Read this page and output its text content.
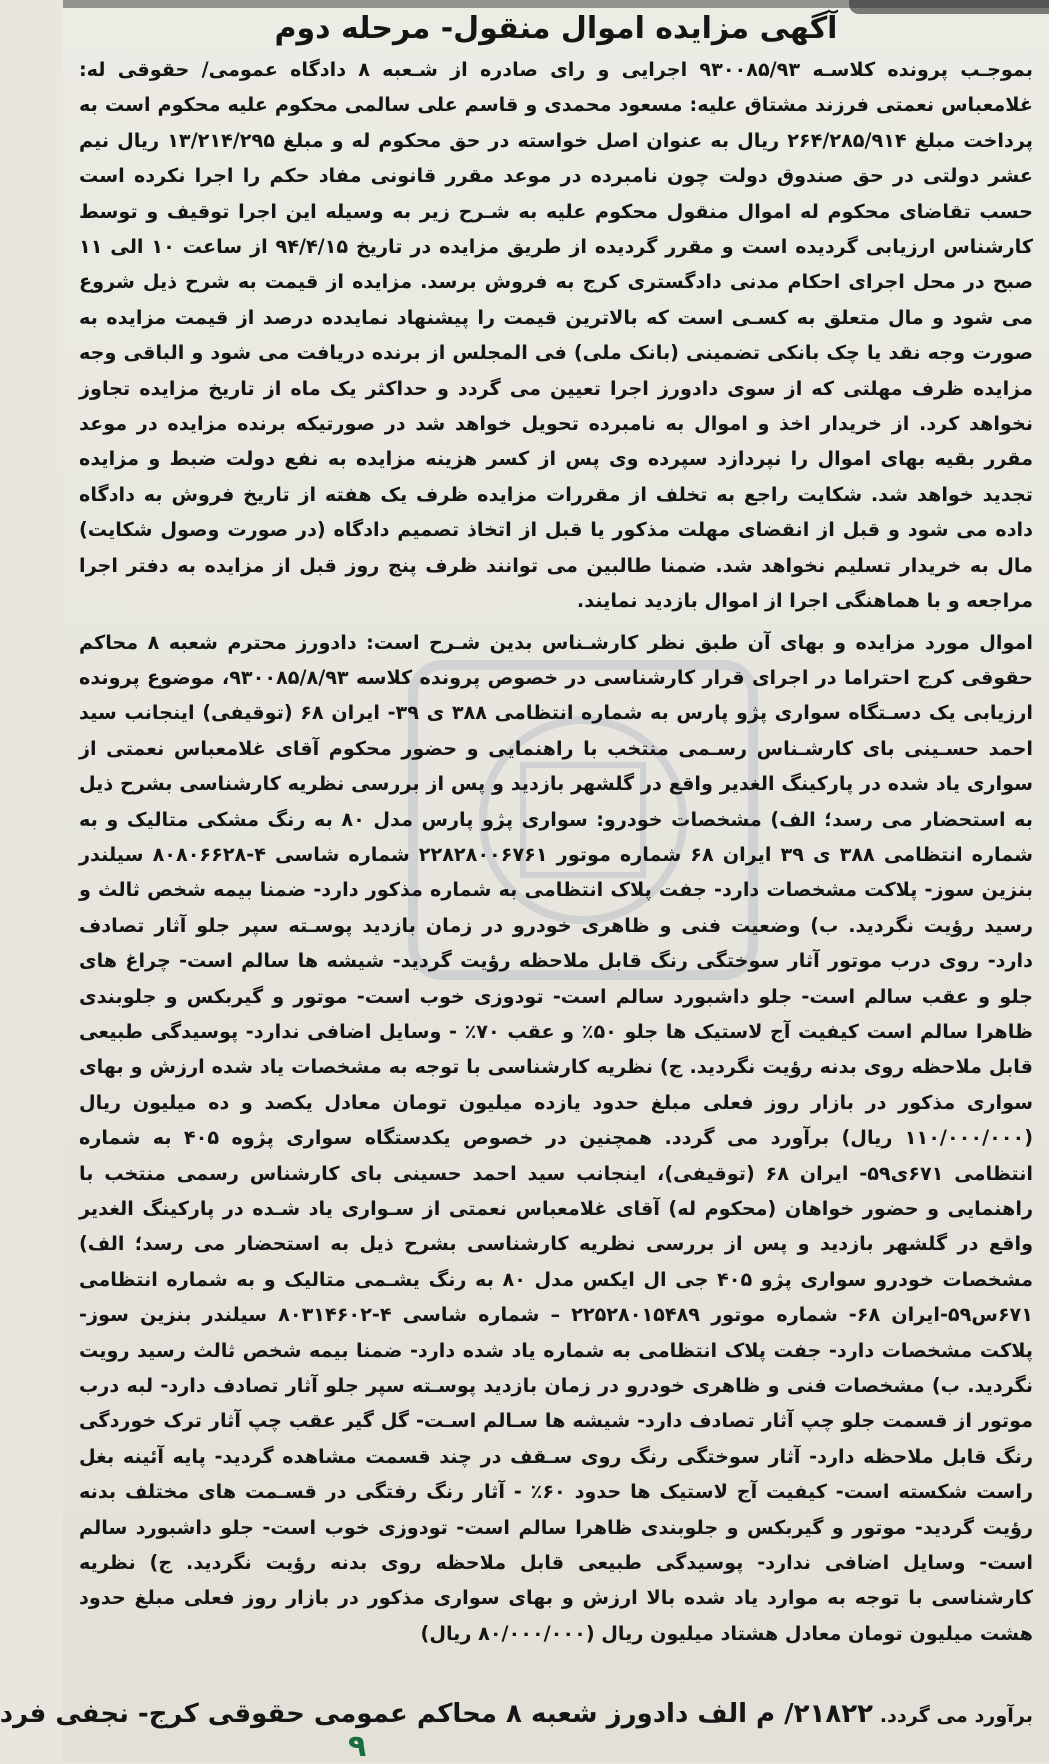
آگهی مزایده اموال منقول- مرحله دوم

بموجـب پرونده کلاسـه ۹۳۰۰۸۵/۹۳ اجرایی و رای صادره از شـعبه ۸ دادگاه عمومی/ حقوقی له: غلامعباس نعمتی فرزند مشتاق علیه: مسعود محمدی و قاسم علی سالمی محکوم علیه محکوم است به پرداخت مبلغ ۲۶۴/۲۸۵/۹۱۴ ریال به عنوان اصل خواسته در حق محکوم له و مبلغ ۱۳/۲۱۴/۲۹۵ ریال نیم عشر دولتی در حق صندوق دولت چون نامبرده در موعد مقرر قانونی مفاد حکم را اجرا نکرده است حسب تقاضای محکوم له اموال منقول محکوم علیه به شـرح زیر به وسیله این اجرا توقیف و توسط کارشناس ارزیابی گردیده است و مقرر گردیده از طریق مزایده در تاریخ ۹۴/۴/۱۵ از ساعت ۱۰ الی ۱۱ صبح در محل اجرای احکام مدنی دادگستری کرج به فروش برسد. مزایده از قیمت به شرح ذیل شروع می شود و مال متعلق به کسـی است که بالاترین قیمت را پیشنهاد نمایدده درصد از قیمت مزایده به صورت وجه نقد یا چک بانکی تضمینی (بانک ملی) فی المجلس از برنده دریافت می شود و الباقی وجه مزایده ظرف مهلتی که از سوی دادورز اجرا تعیین می گردد و حداکثر یک ماه از تاریخ مزایده تجاوز نخواهد کرد. از خریدار اخذ و اموال به نامبرده تحویل خواهد شد در صورتیکه برنده مزایده در موعد مقرر بقیه بهای اموال را نپردازد سپرده وی پس از کسر هزینه مزایده به نفع دولت ضبط و مزایده تجدید خواهد شد. شکایت راجع به تخلف از مقررات مزایده ظرف یک هفته از تاریخ فروش به دادگاه داده می شود و قبل از انقضای مهلت مذکور یا قبل از اتخاذ تصمیم دادگاه (در صورت وصول شکایت) مال به خریدار تسلیم نخواهد شد. ضمنا طالبین می توانند ظرف پنج روز قبل از مزایده به دفتر اجرا مراجعه و با هماهنگی اجرا از اموال بازدید نمایند.

اموال مورد مزایده و بهای آن طبق نظر کارشـناس بدین شـرح است: دادورز محترم شعبه ۸ محاکم حقوقی کرج احتراما در اجرای قرار کارشناسی در خصوص پرونده کلاسه ۹۳۰۰۸۵/۸/۹۳، موضوع پرونده ارزیابی یک دسـتگاه سواری پژو پارس به شماره انتظامی ۳۸۸ ی ۳۹- ایران ۶۸ (توقیفی) اینجانب سید احمد حسـینی بای کارشـناس رسـمی منتخب با راهنمایی و حضور محکوم آقای غلامعباس نعمتی از سواری یاد شده در پارکینگ الغدیر واقع در گلشهر بازدید و پس از بررسی نظریه کارشناسی بشرح ذیل به استحضار می رسد؛ الف) مشخصات خودرو: سواری پژو پارس مدل ۸۰ به رنگ مشکی متالیک و به شماره انتظامی ۳۸۸ ی ۳۹ ایران ۶۸ شماره موتور ۲۲۸۲۸۰۰۶۷۶۱ شماره شاسی ۴-۸۰۸۰۶۶۲۸ سیلندر بنزین سوز- پلاکت مشخصات دارد- جفت پلاک انتظامی به شماره مذکور دارد- ضمنا بیمه شخص ثالث و رسید رؤیت نگردید. ب) وضعیت فنی و ظاهری خودرو در زمان بازدید پوسـته سپر جلو آثار تصادف دارد- روی درب موتور آثار سوختگی رنگ قابل ملاحظه رؤیت گردید- شیشه ها سالم است- چراغ های جلو و عقب سالم است- جلو داشبورد سالم است- تودوزی خوب است- موتور و گیربکس و جلوبندی ظاهرا سالم است کیفیت آج لاستیک ها جلو ۵۰٪ و عقب ۷۰٪ - وسایل اضافی ندارد- پوسیدگی طبیعی قابل ملاحظه روی بدنه رؤیت نگردید. ج) نظریه کارشناسی با توجه به مشخصات یاد شده ارزش و بهای سواری مذکور در بازار روز فعلی مبلغ حدود یازده میلیون تومان معادل یکصد و ده میلیون ریال (۱۱۰/۰۰۰/۰۰۰ ریال) برآورد می گردد. همچنین در خصوص یکدستگاه سواری پژوه ۴۰۵ به شماره انتظامی ۶۷۱ی۵۹- ایران ۶۸ (توقیفی)، اینجانب سید احمد حسینی بای کارشناس رسمی منتخب با راهنمایی و حضور خواهان (محکوم له) آقای غلامعباس نعمتی از سـواری یاد شـده در پارکینگ الغدیر واقع در گلشهر بازدید و پس از بررسی نظریه کارشناسی بشرح ذیل به استحضار می رسد؛ الف) مشخصات خودرو سواری پژو ۴۰۵ جی ال ایکس مدل ۸۰ به رنگ یشـمی متالیک و به شماره انتظامی ۶۷۱س۵۹-ایران ۶۸- شماره موتور ۲۲۵۲۸۰۱۵۴۸۹ – شماره شاسی ۴-۸۰۳۱۴۶۰۲ سیلندر بنزین سوز- پلاکت مشخصات دارد- جفت پلاک انتظامی به شماره یاد شده دارد- ضمنا بیمه شخص ثالث رسید رویت نگردید. ب) مشخصات فنی و ظاهری خودرو در زمان بازدید پوسـته سپر جلو آثار تصادف دارد- لبه درب موتور از قسمت جلو چپ آثار تصادف دارد- شیشه ها سـالم اسـت- گل گیر عقب چپ آثار ترک خوردگی رنگ قابل ملاحظه دارد- آثار سوختگی رنگ روی سـقف در چند قسمت مشاهده گردید- پایه آئینه بغل راست شکسته است- کیفیت آج لاستیک ها حدود ۶۰٪ - آثار رنگ رفتگی در قسـمت های مختلف بدنه رؤیت گردید- موتور و گیربکس و جلوبندی ظاهرا سالم است- تودوزی خوب است- جلو داشبورد سالم است- وسایل اضافی ندارد- پوسیدگی طبیعی قابل ملاحظه روی بدنه رؤیت نگردید. ج) نظریه کارشناسی با توجه به موارد یاد شده بالا ارزش و بهای سواری مذکور در بازار روز فعلی مبلغ حدود هشت میلیون تومان معادل هشتاد میلیون ریال (۸۰/۰۰۰/۰۰۰ ریال)

برآورد می گردد. ۲۱۸۲۲/ م الف دادورز شعبه ۸ محاکم عمومی حقوقی کرج- نجفی فرد
٩
